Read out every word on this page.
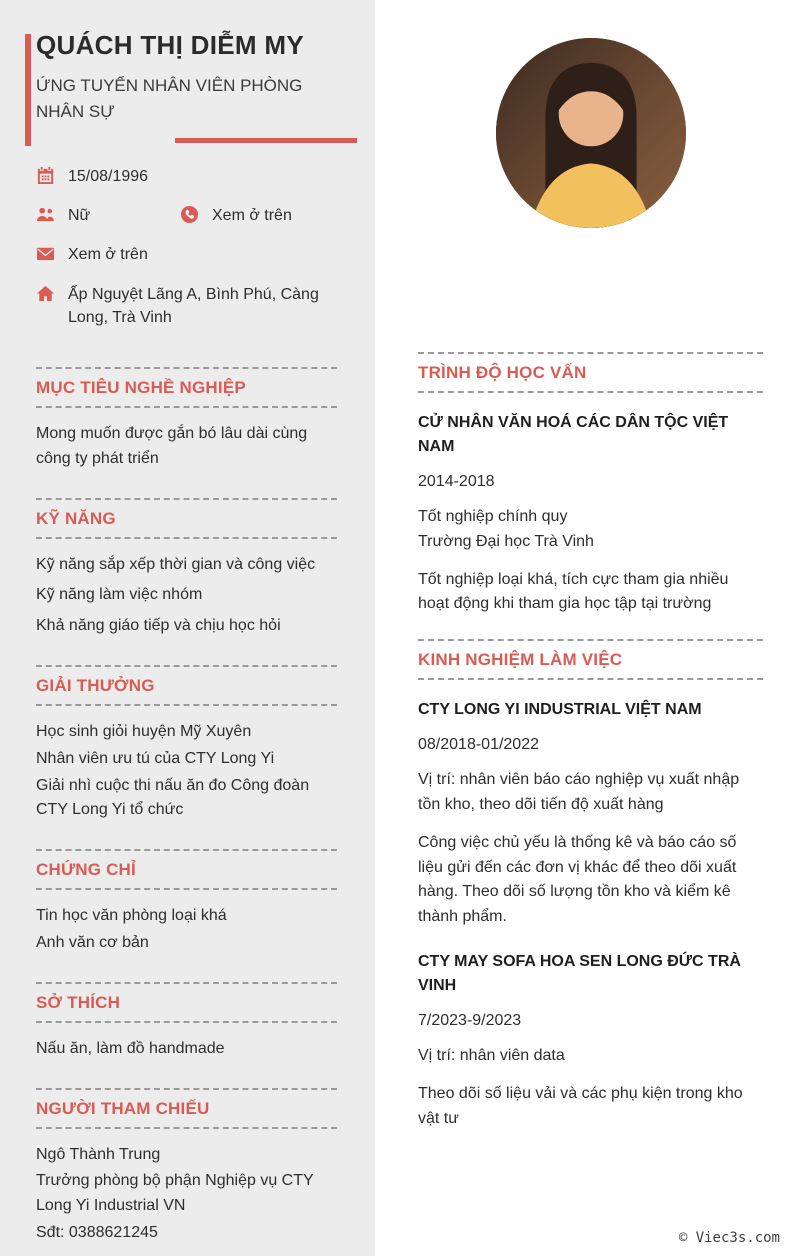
QUÁCH THỊ DIỄM MY
ỨNG TUYỂN NHÂN VIÊN PHÒNG NHÂN SỰ
15/08/1996
Nữ	Xem ở trên
Xem ở trên
Ấp Nguyệt Lãng A, Bình Phú, Càng Long, Trà Vinh
MỤC TIÊU NGHỀ NGHIỆP

Mong muốn được gắn bó lâu dài cùng công ty phát triển

KỸ NĂNG

Kỹ năng sắp xếp thời gian và công việc

Kỹ năng làm việc nhóm

Khả năng giáo tiếp và chịu học hỏi

GIẢI THƯỞNG

Học sinh giỏi huyện Mỹ Xuyên

Nhân viên ưu tú của CTY Long Yi

Giải nhì cuộc thi nấu ăn đo Công đoàn CTY Long Yi tổ chức

CHỨNG CHỈ

Tin học văn phòng loại khá

Anh văn cơ bản

SỞ THÍCH

Nấu ăn, làm đồ handmade

NGƯỜI THAM CHIẾU

Ngô Thành Trung

Trưởng phòng bộ phận Nghiệp vụ CTY Long Yi Industrial VN

Sđt: 0388621245

TRÌNH ĐỘ HỌC VẤN

CỬ NHÂN VĂN HOÁ CÁC DÂN TỘC VIỆT NAM

2014-2018

Tốt nghiệp chính quy

Trường Đại học Trà Vinh

Tốt nghiệp loại khá, tích cực tham gia nhiều hoạt động khi tham gia học tập tại trường

KINH NGHIỆM LÀM VIỆC

CTY LONG YI INDUSTRIAL VIỆT NAM

08/2018-01/2022

Vị trí: nhân viên báo cáo nghiệp vụ xuất nhập tồn kho, theo dõi tiến độ xuất hàng

Công việc chủ yếu là thống kê và báo cáo số liệu gửi đến các đơn vị khác để theo dõi xuất hàng. Theo dõi số lượng tồn kho và kiểm kê thành phẩm.

CTY MAY SOFA HOA SEN LONG ĐỨC TRÀ VINH

7/2023-9/2023

Vị trí: nhân viên data

Theo dõi số liệu vải và các phụ kiện trong kho vật tư

© Viec3s.com
